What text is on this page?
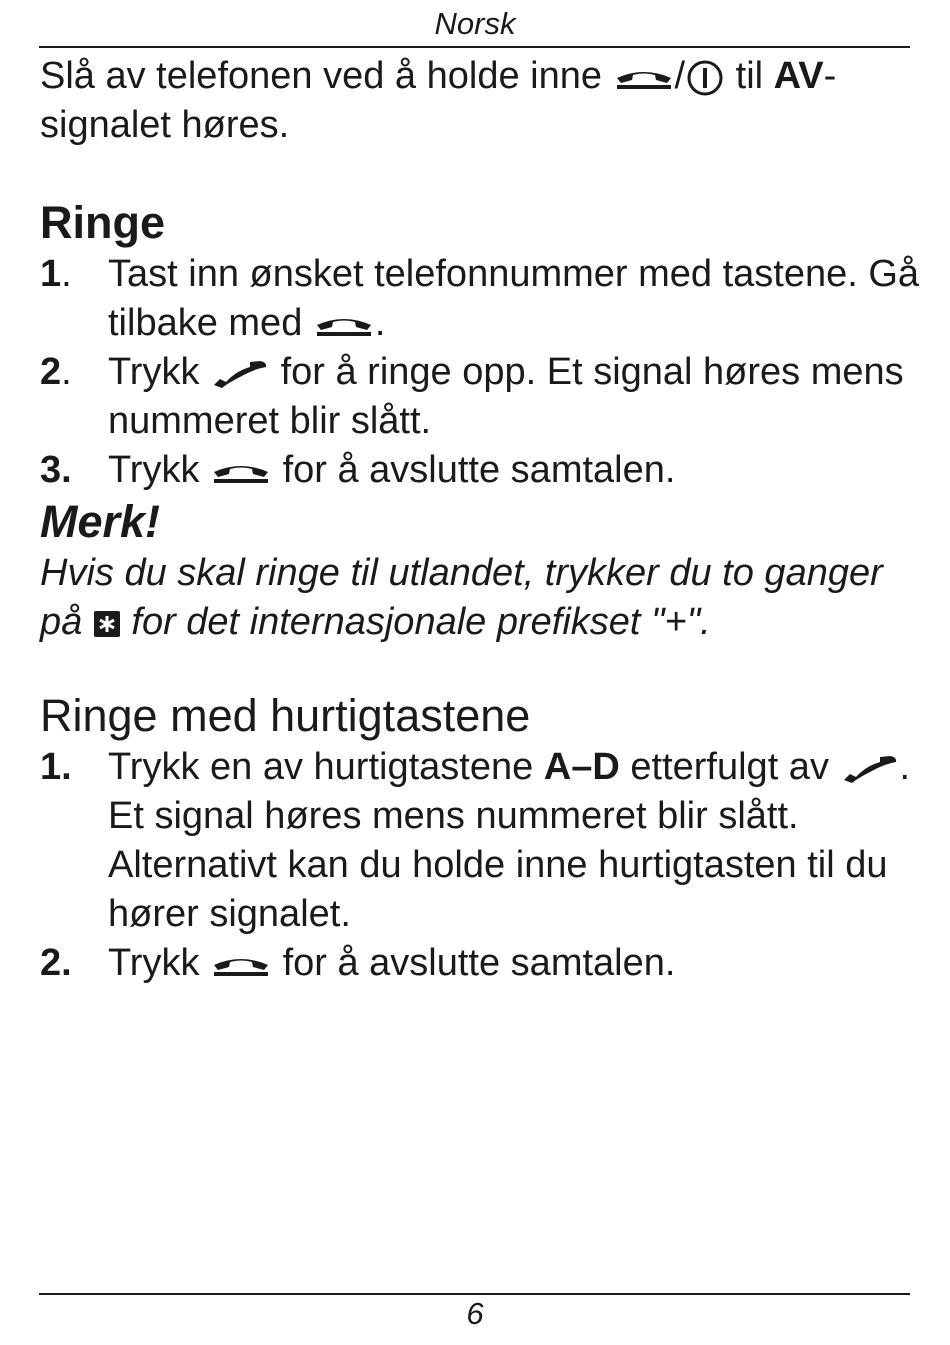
Norsk

Slå av telefonen ved å holde inne
/
til AV-signalet høres.

Ringe
1. Tast inn ønsket telefonnummer med tastene. Gå tilbake med
.
2. Trykk
for å ringe opp. Et signal høres mens nummeret blir slått.
3. Trykk
for å avslutte samtalen.

Merk!

Hvis du skal ringe til utlandet, trykker du to ganger på
for det internasjonale prefikset "+".

Ringe med hurtigtastene
1. Trykk en av hurtigtastene A–D etterfulgt av
. Et signal høres mens nummeret blir slått.
Alternativt kan du holde inne hurtigtasten til du hører signalet.
2. Trykk
for å avslutte samtalen.
6
